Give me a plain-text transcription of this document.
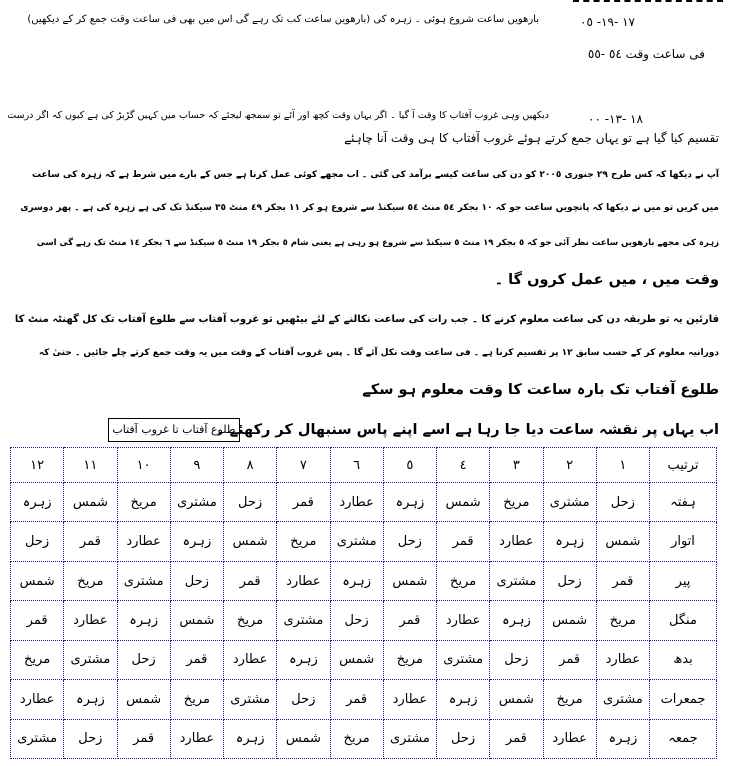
١٧ -١٩- ٠٥
بارھویں ساعت شروع ہوئی ۔ زہرہ کی (بارھویں ساعت کب تک رہے گی اس میں بھی فی ساعت وقت جمع کر کے دیکھیں)
فی ساعت وقت ٥٤ -٥٥
١٨ -١٣- ٠٠
دیکھیں وہی غروب آفتاب کا وقت آ گیا ۔ اگر یہاں وقت کچھ اور آئے تو سمجھ لیجئے کہ حساب میں کہیں گڑبڑ کی ہے کیوں کہ اگر درست
تقسیم کیا گیا ہے تو یہاں جمع کرتے ہوئے غروب آفتاب کا ہی وقت آنا چاہئے
آپ نے دیکھا کہ کس طرح ٢٩ جنوری ٢٠٠٥ کو دن کی ساعت کیسے برآمد کی گئی ۔ اب مجھے کوئی عمل کرنا ہے جس کے بارے میں شرط ہے کہ زہرہ کی ساعت
میں کریں تو میں نے دیکھا کہ پانچویں ساعت جو کہ ١٠ بجکر ٥٤ منٹ ٥٤ سیکنڈ سے شروع ہو کر ١١ بجکر ٤٩ منٹ ٣٥ سیکنڈ تک کی ہے زہرہ کی ہے ۔ پھر دوسری
زہرہ کی مجھے بارھویں ساعت نظر آئی جو کہ ٥ بجکر ١٩ منٹ ٥ سیکنڈ سے شروع ہو رہی ہے یعنی شام ٥ بجکر ١٩ منٹ ٥ سیکنڈ سے ٦ بجکر ١٤ منٹ تک رہے گی اسی
وقت میں ، میں عمل کروں گا ۔
قارئین یہ تو طریقہ دن کی ساعت معلوم کرنے کا ۔ جب رات کی ساعت نکالنے کے لئے بیٹھیں تو غروب آفتاب سے طلوع آفتاب تک کل گھنٹہ منٹ کا
دورانیہ معلوم کر کے حسب سابق ١٢ پر تقسیم کرنا ہے ۔ فی ساعت وقت نکل آئے گا ۔ پس غروب آفتاب کے وقت میں یہ وقت جمع کرتے چلے جائیں ۔ حتیٰ کہ
طلوع آفتاب تک بارہ ساعت کا وقت معلوم ہو سکے
اب یہاں پر نقشہ ساعت دیا جا رہا ہے اسے اپنے پاس سنبھال کر رکھئے ۔
طلوع آفتاب تا غروب آفتاب
١٢	١١	١٠	٩	٨	٧	٦	٥	٤	٣	٢	١	ترتیب
زہرہ	شمس	مریخ	مشتری	زحل	قمر	عطارد	زہرہ	شمس	مریخ	مشتری	زحل	ہفتہ
زحل	قمر	عطارد	زہرہ	شمس	مریخ	مشتری	زحل	قمر	عطارد	زہرہ	شمس	اتوار
شمس	مریخ	مشتری	زحل	قمر	عطارد	زہرہ	شمس	مریخ	مشتری	زحل	قمر	پیر
قمر	عطارد	زہرہ	شمس	مریخ	مشتری	زحل	قمر	عطارد	زہرہ	شمس	مریخ	منگل
مریخ	مشتری	زحل	قمر	عطارد	زہرہ	شمس	مریخ	مشتری	زحل	قمر	عطارد	بدھ
عطارد	زہرہ	شمس	مریخ	مشتری	زحل	قمر	عطارد	زہرہ	شمس	مریخ	مشتری	جمعرات
مشتری	زحل	قمر	عطارد	زہرہ	شمس	مریخ	مشتری	زحل	قمر	عطارد	زہرہ	جمعہ
